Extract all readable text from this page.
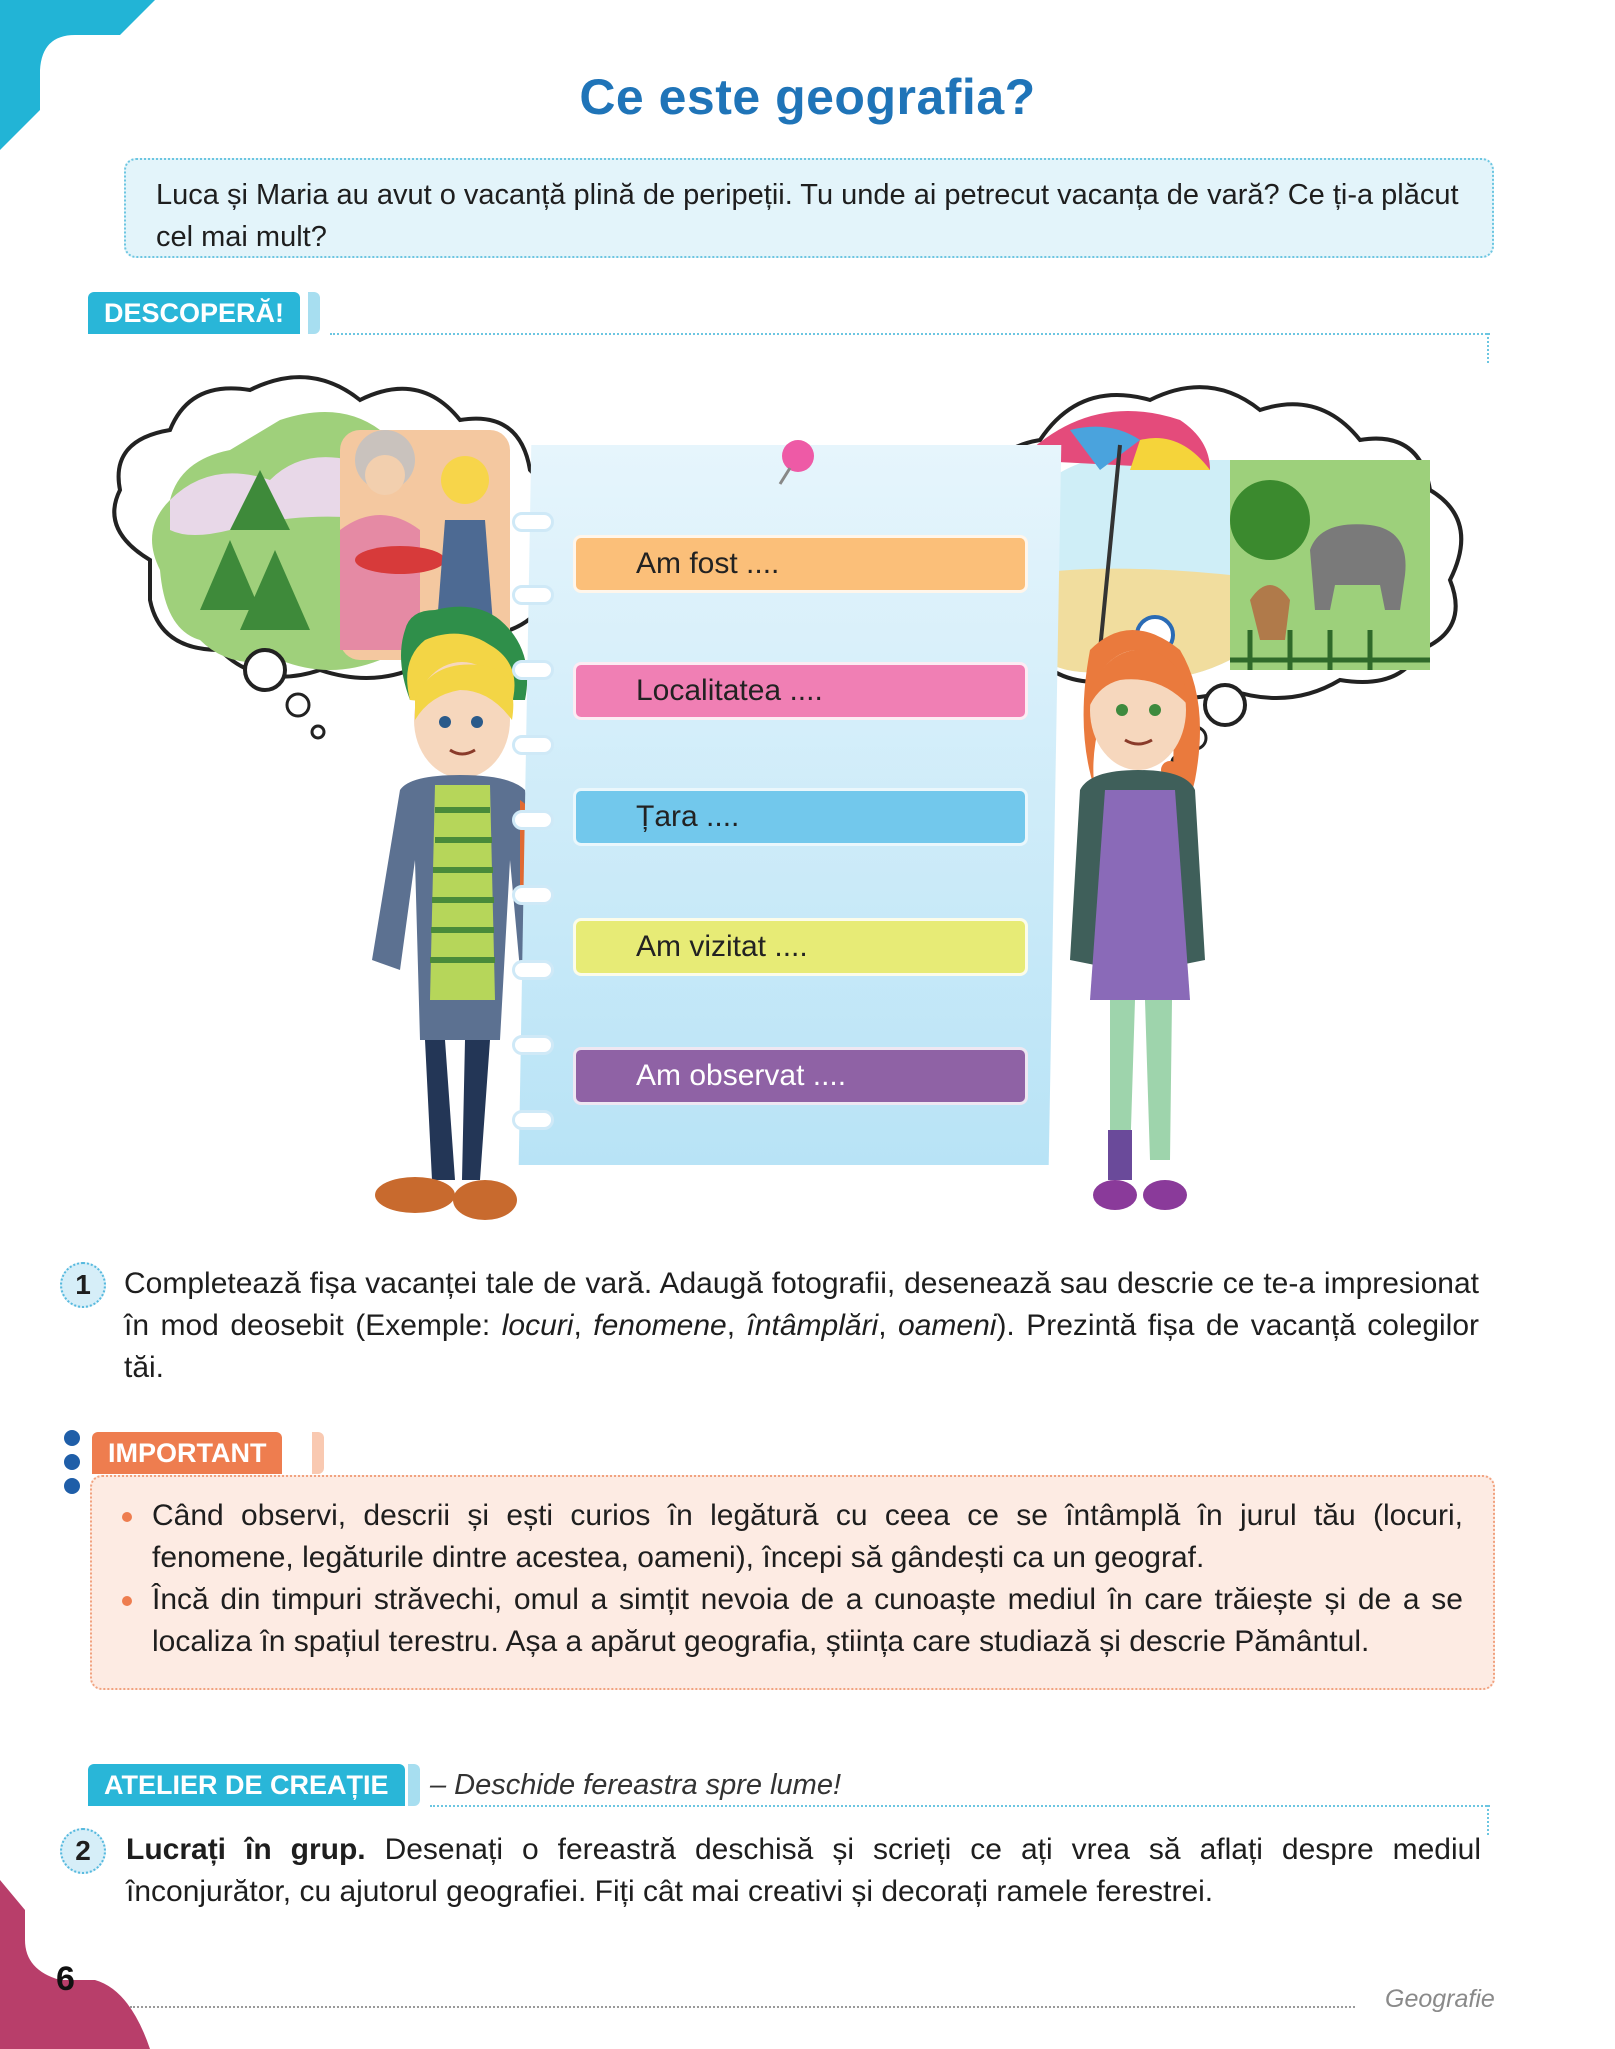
Ce este geografia?
Luca și Maria au avut o vacanță plină de peripeții. Tu unde ai petrecut vacanța de vară? Ce ți-a plăcut cel mai mult?
DESCOPERĂ!
Am fost ....
Localitatea ....
Țara ....
Am vizitat ....
Am observat ....
1	Completează fișa vacanței tale de vară. Adaugă fotografii, desenează sau descrie ce te-a impresionat în mod deosebit (Exemple: locuri, fenomene, întâmplări, oameni). Prezintă fișa de vacanță colegilor tăi.
IMPORTANT
Când observi, descrii și ești curios în legătură cu ceea ce se întâmplă în jurul tău (locuri, fenomene, legăturile dintre acestea, oameni), începi să gândești ca un geograf.
Încă din timpuri străvechi, omul a simțit nevoia de a cunoaște mediul în care trăiește și de a se localiza în spațiul terestru. Așa a apărut geografia, știința care studiază și descrie Pământul.
ATELIER DE CREAȚIE	– Deschide fereastra spre lume!
2	Lucrați în grup. Desenați o fereastră deschisă și scrieți ce ați vrea să aflați despre mediul înconjurător, cu ajutorul geografiei. Fiți cât mai creativi și decorați ramele ferestrei.
6
Geografie
